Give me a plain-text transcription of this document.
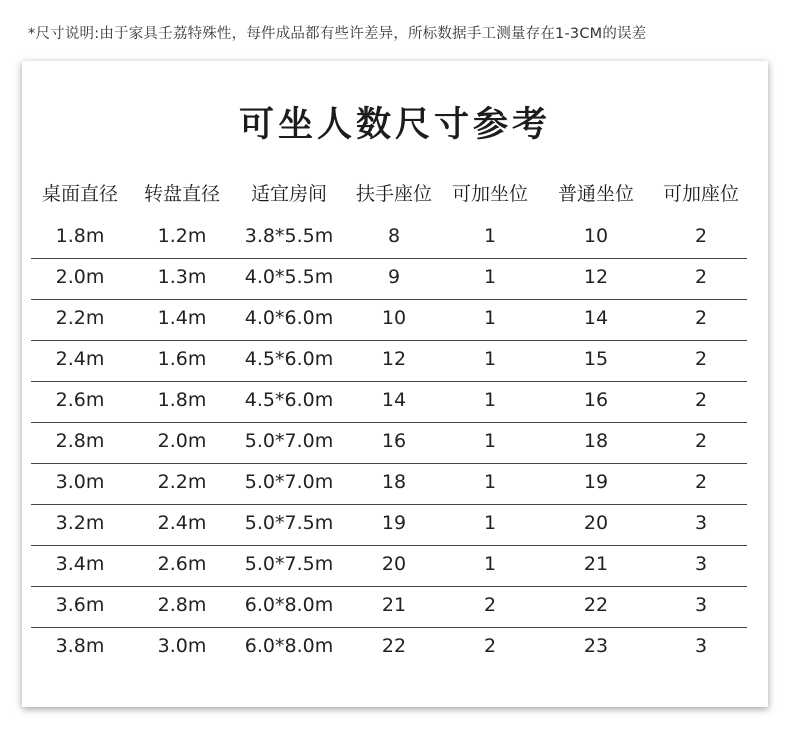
*尺寸说明:由于家具壬荔特殊性，每件成品都有些许差异，所标数据手工测量存在1-3CM的误差
可坐人数尺寸参考
桌面直径	转盘直径	适宜房间	扶手座位	可加坐位	普通坐位	可加座位
1.8m	1.2m	3.8*5.5m	8	1	10	2
2.0m	1.3m	4.0*5.5m	9	1	12	2
2.2m	1.4m	4.0*6.0m	10	1	14	2
2.4m	1.6m	4.5*6.0m	12	1	15	2
2.6m	1.8m	4.5*6.0m	14	1	16	2
2.8m	2.0m	5.0*7.0m	16	1	18	2
3.0m	2.2m	5.0*7.0m	18	1	19	2
3.2m	2.4m	5.0*7.5m	19	1	20	3
3.4m	2.6m	5.0*7.5m	20	1	21	3
3.6m	2.8m	6.0*8.0m	21	2	22	3
3.8m	3.0m	6.0*8.0m	22	2	23	3
